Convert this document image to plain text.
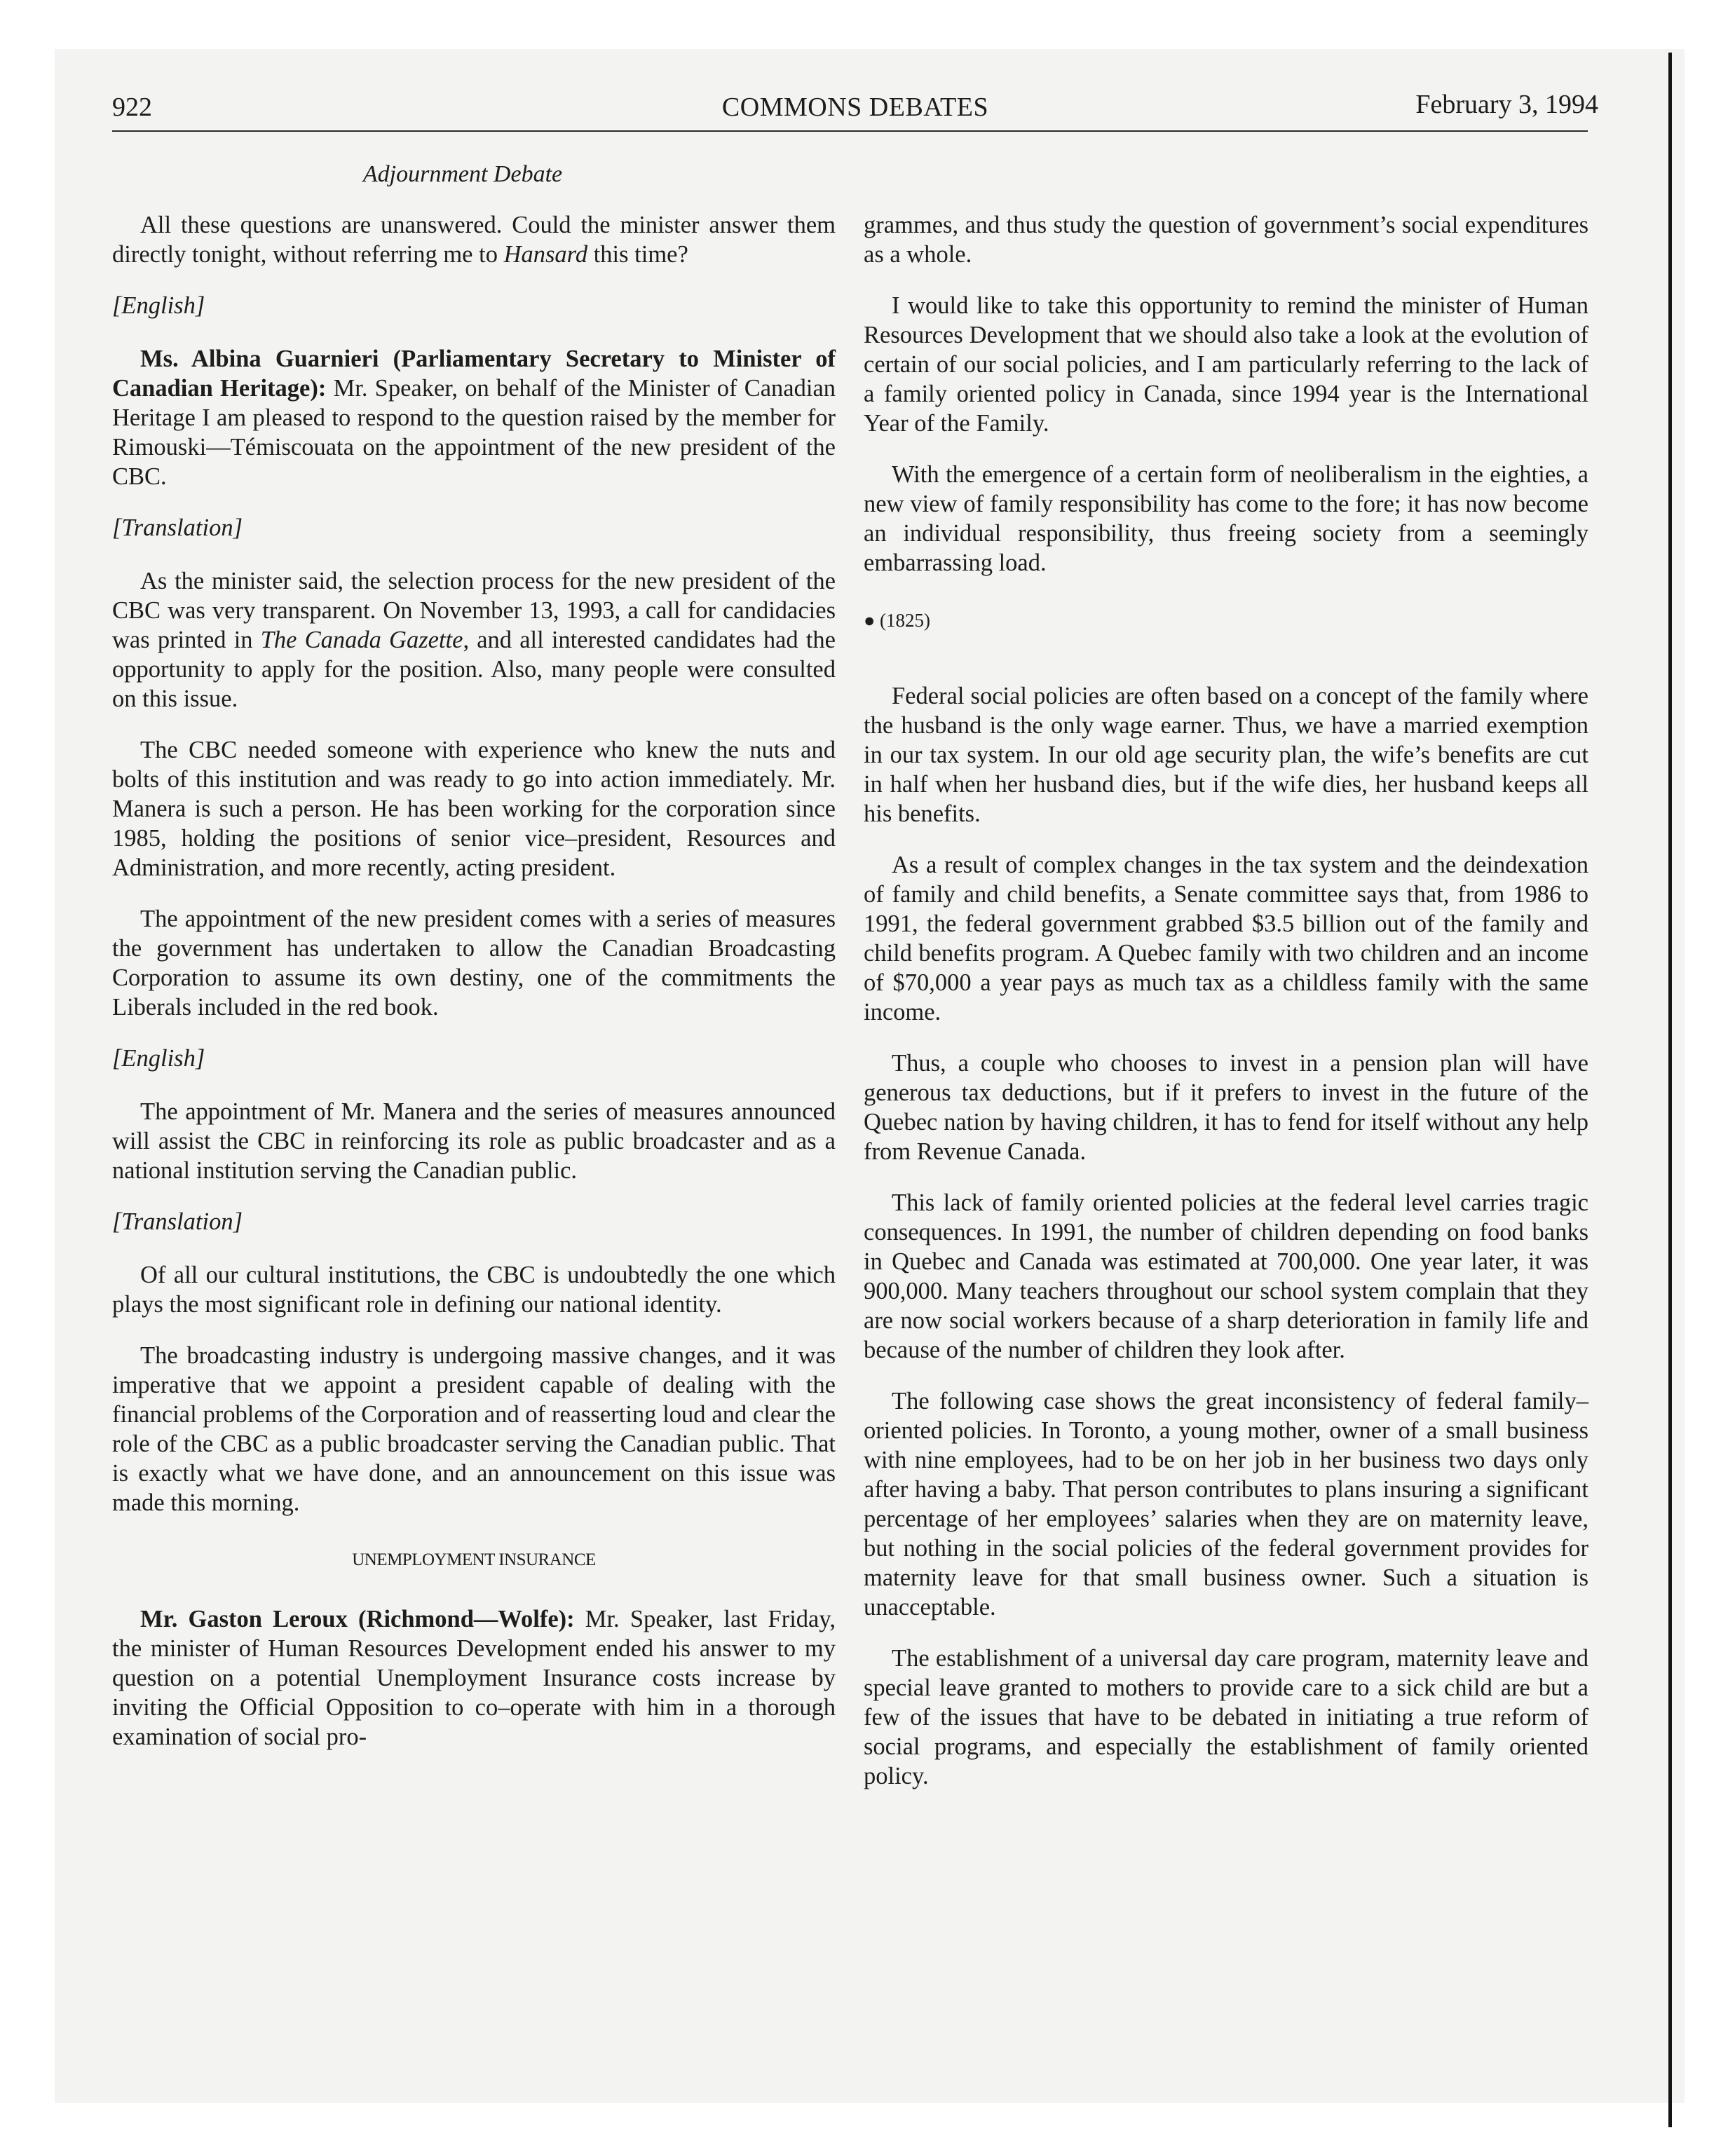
922	COMMONS DEBATES	February 3, 1994
Adjournment Debate

All these questions are unanswered. Could the minister answer them directly tonight, without referring me to Hansard this time?

[English]

Ms. Albina Guarnieri (Parliamentary Secretary to Minister of Canadian Heritage): Mr. Speaker, on behalf of the Minister of Canadian Heritage I am pleased to respond to the question raised by the member for Rimouski—Témiscouata on the appointment of the new president of the CBC.

[Translation]

As the minister said, the selection process for the new president of the CBC was very transparent. On November 13, 1993, a call for candidacies was printed in The Canada Gazette, and all interested candidates had the opportunity to apply for the position. Also, many people were consulted on this issue.

The CBC needed someone with experience who knew the nuts and bolts of this institution and was ready to go into action immediately. Mr. Manera is such a person. He has been working for the corporation since 1985, holding the positions of senior vice–president, Resources and Administration, and more recently, acting president.

The appointment of the new president comes with a series of measures the government has undertaken to allow the Canadian Broadcasting Corporation to assume its own destiny, one of the commitments the Liberals included in the red book.

[English]

The appointment of Mr. Manera and the series of measures announced will assist the CBC in reinforcing its role as public broadcaster and as a national institution serving the Canadian public.

[Translation]

Of all our cultural institutions, the CBC is undoubtedly the one which plays the most significant role in defining our national identity.

The broadcasting industry is undergoing massive changes, and it was imperative that we appoint a president capable of dealing with the financial problems of the Corporation and of reasserting loud and clear the role of the CBC as a public broadcaster serving the Canadian public. That is exactly what we have done, and an announcement on this issue was made this morning.

UNEMPLOYMENT INSURANCE

Mr. Gaston Leroux (Richmond—Wolfe): Mr. Speaker, last Friday, the minister of Human Resources Development ended his answer to my question on a potential Unemployment Insurance costs increase by inviting the Official Opposition to co–operate with him in a thorough examination of social pro-

grammes, and thus study the question of government’s social expenditures as a whole.

I would like to take this opportunity to remind the minister of Human Resources Development that we should also take a look at the evolution of certain of our social policies, and I am particularly referring to the lack of a family oriented policy in Canada, since 1994 year is the International Year of the Family.

With the emergence of a certain form of neoliberalism in the eighties, a new view of family responsibility has come to the fore; it has now become an individual responsibility, thus freeing society from a seemingly embarrassing load.

● (1825)

Federal social policies are often based on a concept of the family where the husband is the only wage earner. Thus, we have a married exemption in our tax system. In our old age security plan, the wife’s benefits are cut in half when her husband dies, but if the wife dies, her husband keeps all his benefits.

As a result of complex changes in the tax system and the deindexation of family and child benefits, a Senate committee says that, from 1986 to 1991, the federal government grabbed $3.5 billion out of the family and child benefits program. A Quebec family with two children and an income of $70,000 a year pays as much tax as a childless family with the same income.

Thus, a couple who chooses to invest in a pension plan will have generous tax deductions, but if it prefers to invest in the future of the Quebec nation by having children, it has to fend for itself without any help from Revenue Canada.

This lack of family oriented policies at the federal level carries tragic consequences. In 1991, the number of children depending on food banks in Quebec and Canada was estimated at 700,000. One year later, it was 900,000. Many teachers throughout our school system complain that they are now social workers because of a sharp deterioration in family life and because of the number of children they look after.

The following case shows the great inconsistency of federal family–oriented policies. In Toronto, a young mother, owner of a small business with nine employees, had to be on her job in her business two days only after having a baby. That person contributes to plans insuring a significant percentage of her employees’ salaries when they are on maternity leave, but nothing in the social policies of the federal government provides for maternity leave for that small business owner. Such a situation is unacceptable.

The establishment of a universal day care program, maternity leave and special leave granted to mothers to provide care to a sick child are but a few of the issues that have to be debated in initiating a true reform of social programs, and especially the establishment of family oriented policy.
